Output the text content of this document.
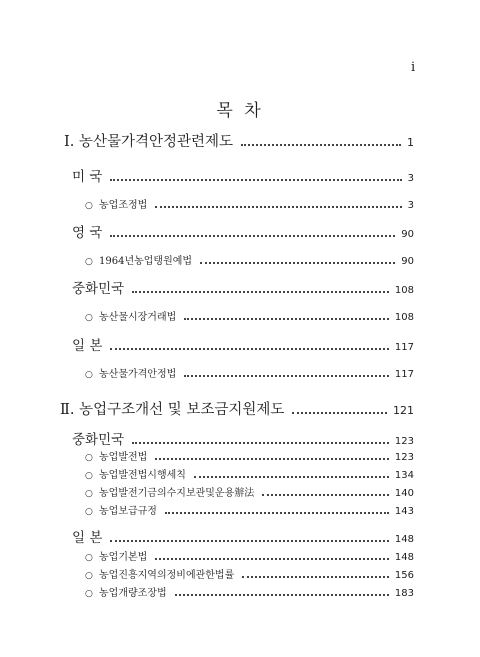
i
목 차
Ⅰ. 농산물가격안정관련제도	1
미 국	3
○ 농업조정법	3
영 국	90
○ 1964년농업탱원예법	90
중화민국	108
○ 농산물시장거래법	108
일 본	117
○ 농산물가격안정법	117
Ⅱ. 농업구조개선 및 보조금지원제도	121
중화민국	123
○ 농업발전법	123
○ 농업발전법시행세칙	134
○ 농업발전기금의수지보관및운용辦法	140
○ 농업보급규정	143
일 본	148
○ 농업기본법	148
○ 농업진흥지역의정비에관한법률	156
○ 농업개량조장법	183
